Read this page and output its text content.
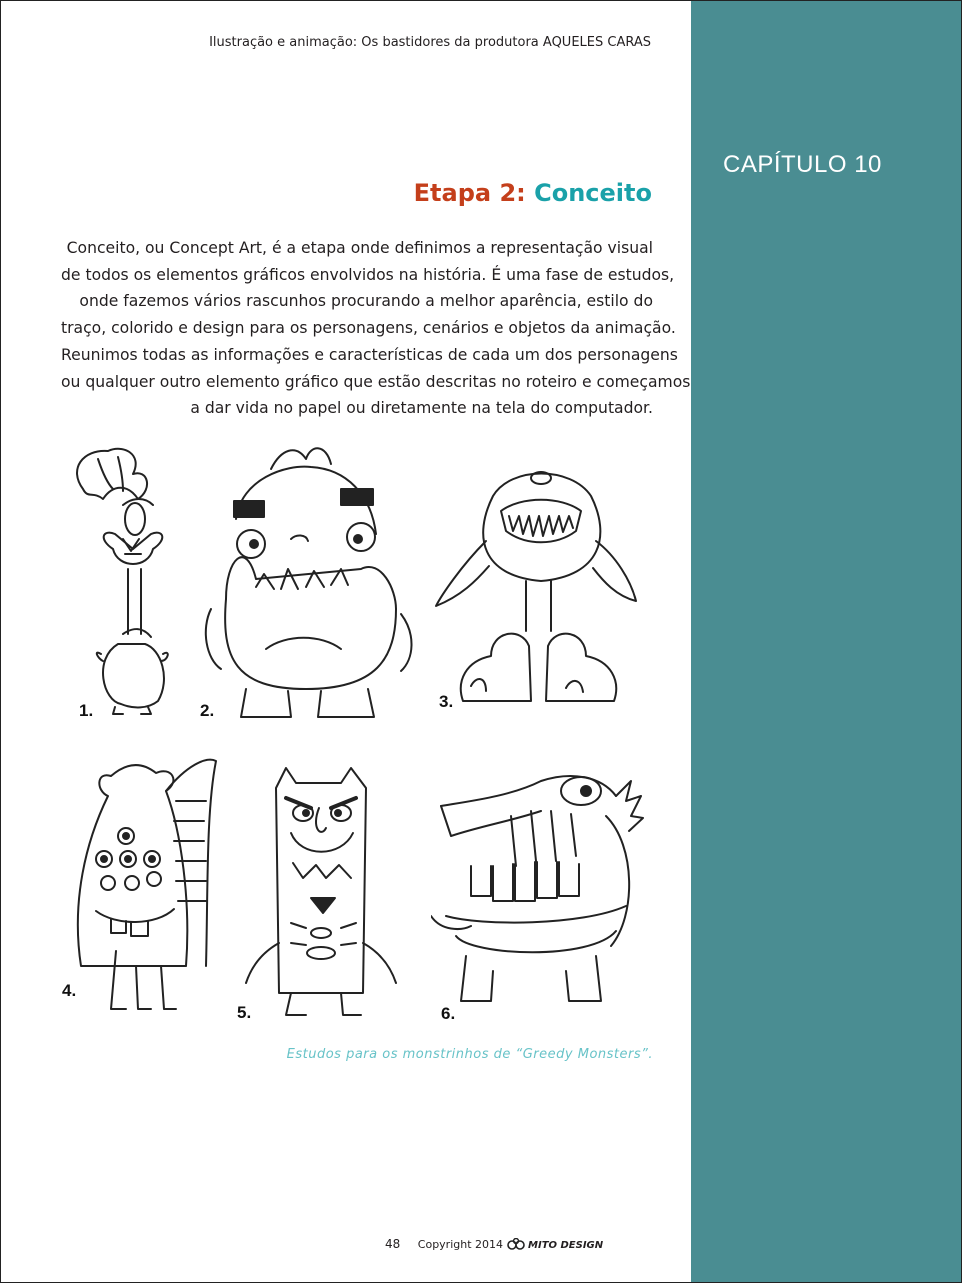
CAPÍTULO 10
Ilustração e animação: Os bastidores da produtora AQUELES CARAS
Etapa 2: Conceito
Conceito, ou Concept Art, é a etapa onde definimos a representação visual
de todos os elementos gráficos envolvidos na história. É uma fase de estudos,
onde fazemos vários rascunhos procurando a melhor aparência, estilo do
traço, colorido e design para os personagens, cenários e objetos da animação.
Reunimos todas as informações e características de cada um dos personagens
ou qualquer outro elemento gráfico que estão descritas no roteiro e começamos
a dar vida no papel ou diretamente na tela do computador.
1.	2.	3.
4.
5.	6.
Estudos para os monstrinhos de “Greedy Monsters”.
48 Copyright 2014	MITO DESIGN
